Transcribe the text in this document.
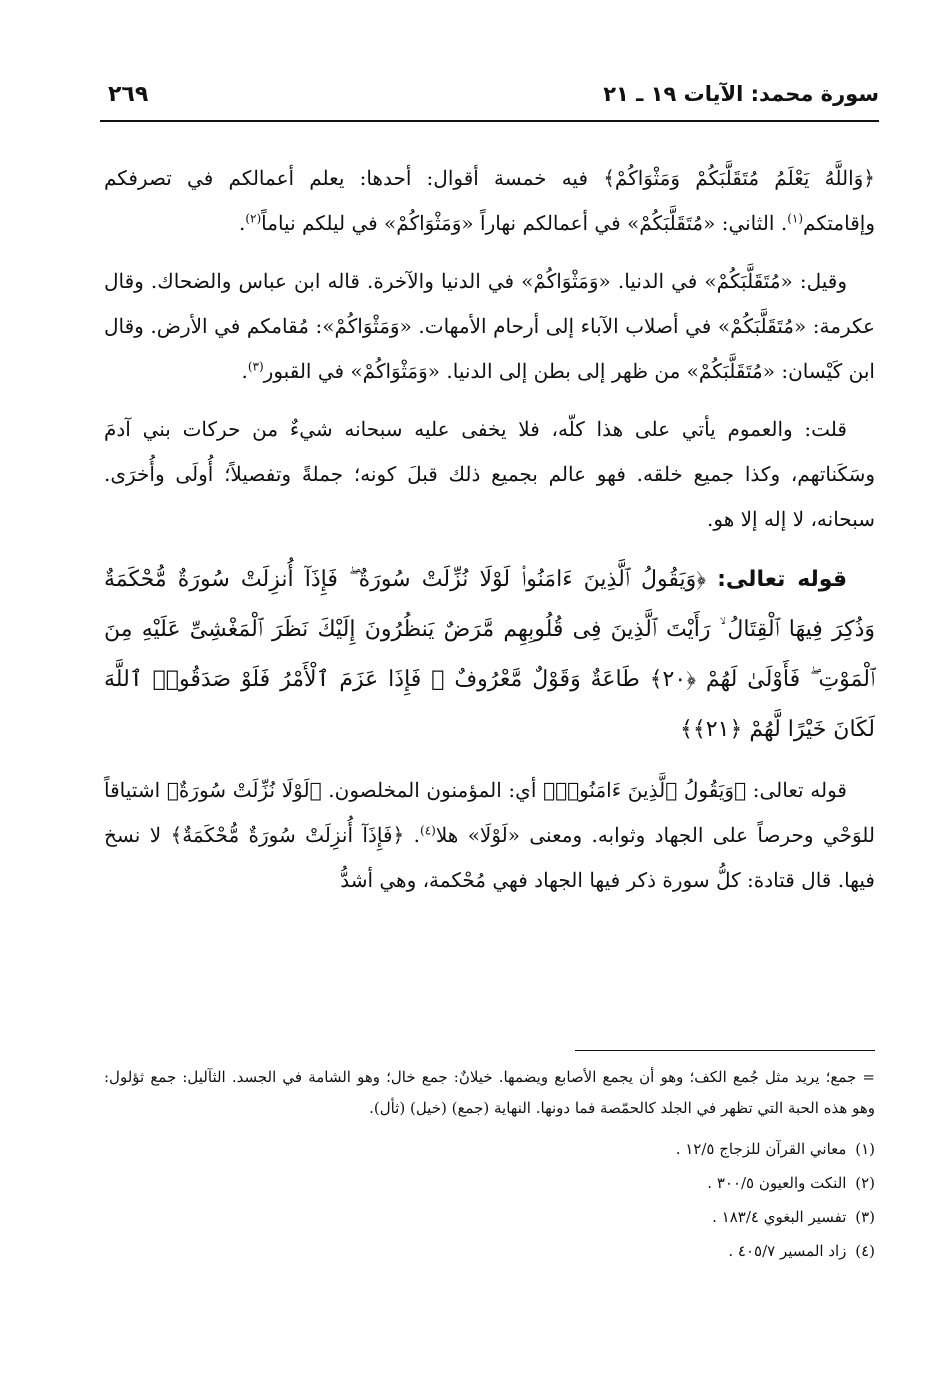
سورة محمد: الآيات ١٩ ـ ٢١
٢٦٩

﴿وَاللَّهُ يَعْلَمُ مُتَقَلَّبَكُمْ وَمَثْوَاكُمْ﴾ فيه خمسة أقوال: أحدها: يعلم أعمالكم في تصرفكم وإقامتكم$^{(١)}$. الثاني: «مُتَقَلَّبَكُمْ» في أعمالكم نهاراً «وَمَثْوَاكُمْ» في ليلكم نياماً$^{(٢)}$.

وقيل: «مُتَقَلَّبَكُمْ» في الدنيا. «وَمَثْوَاكُمْ» في الدنيا والآخرة. قاله ابن عباس والضحاك. وقال عكرمة: «مُتَقَلَّبَكُمْ» في أصلاب الآباء إلى أرحام الأمهات. «وَمَثْوَاكُمْ»: مُقامكم في الأرض. وقال ابن كَيْسان: «مُتَقَلَّبَكُمْ» من ظهر إلى بطن إلى الدنيا. «وَمَثْوَاكُمْ» في القبور$^{(٣)}$.

قلت: والعموم يأتي على هذا كلّه، فلا يخفى عليه سبحانه شيءٌ من حركات بني آدمَ وسَكَناتهم، وكذا جميع خلقه. فهو عالم بجميع ذلك قبلَ كونه؛ جملةً وتفصيلاً؛ أُولَى وأُخرَى. سبحانه، لا إله إلا هو.

قوله تعالى: ﴿وَيَقُولُ ٱلَّذِينَ ءَامَنُوا۟ لَوْلَا نُزِّلَتْ سُورَةٌ ۖ فَإِذَآ أُنزِلَتْ سُورَةٌ مُّحْكَمَةٌ وَذُكِرَ فِيهَا ٱلْقِتَالُ ۙ رَأَيْتَ ٱلَّذِينَ فِى قُلُوبِهِم مَّرَضٌ يَنظُرُونَ إِلَيْكَ نَظَرَ ٱلْمَغْشِىِّ عَلَيْهِ مِنَ ٱلْمَوْتِ ۖ فَأَوْلَىٰ لَهُمْ ﴿٢٠﴾ طَاعَةٌ وَقَوْلٌ مَّعْرُوفٌ ۚ فَإِذَا عَزَمَ ٱلْأَمْرُ فَلَوْ صَدَقُوا۟ ٱللَّهَ لَكَانَ خَيْرًا لَّهُمْ ﴿٢١﴾﴾

قوله تعالى: ﴿وَيَقُولُ ٱلَّذِينَ ءَامَنُوا۟﴾ أي: المؤمنون المخلصون. ﴿لَوْلَا نُزِّلَتْ سُورَةٌ﴾ اشتياقاً للوَحْي وحرصاً على الجهاد وثوابه. ومعنى «لَوْلَا» هلا$^{(٤)}$. ﴿فَإِذَآ أُنزِلَتْ سُورَةٌ مُّحْكَمَةٌ﴾ لا نسخ فيها. قال قتادة: كلُّ سورة ذكر فيها الجهاد فهي مُحْكمة، وهي أشدُّ

= جمع؛ يريد مثل جُمع الكف؛ وهو أن يجمع الأصابع ويضمها. خيلانٌ: جمع خال؛ وهو الشامة في الجسد. الثآليل: جمع ثؤلول: وهو هذه الحبة التي تظهر في الجلد كالحمّصة فما دونها. النهاية (جمع) (خيل) (ثأل).

(١) معاني القرآن للزجاج ١٢/٥ .

(٢) النكت والعيون ٣٠٠/٥ .

(٣) تفسير البغوي ١٨٣/٤ .

(٤) زاد المسير ٤٠٥/٧ .
